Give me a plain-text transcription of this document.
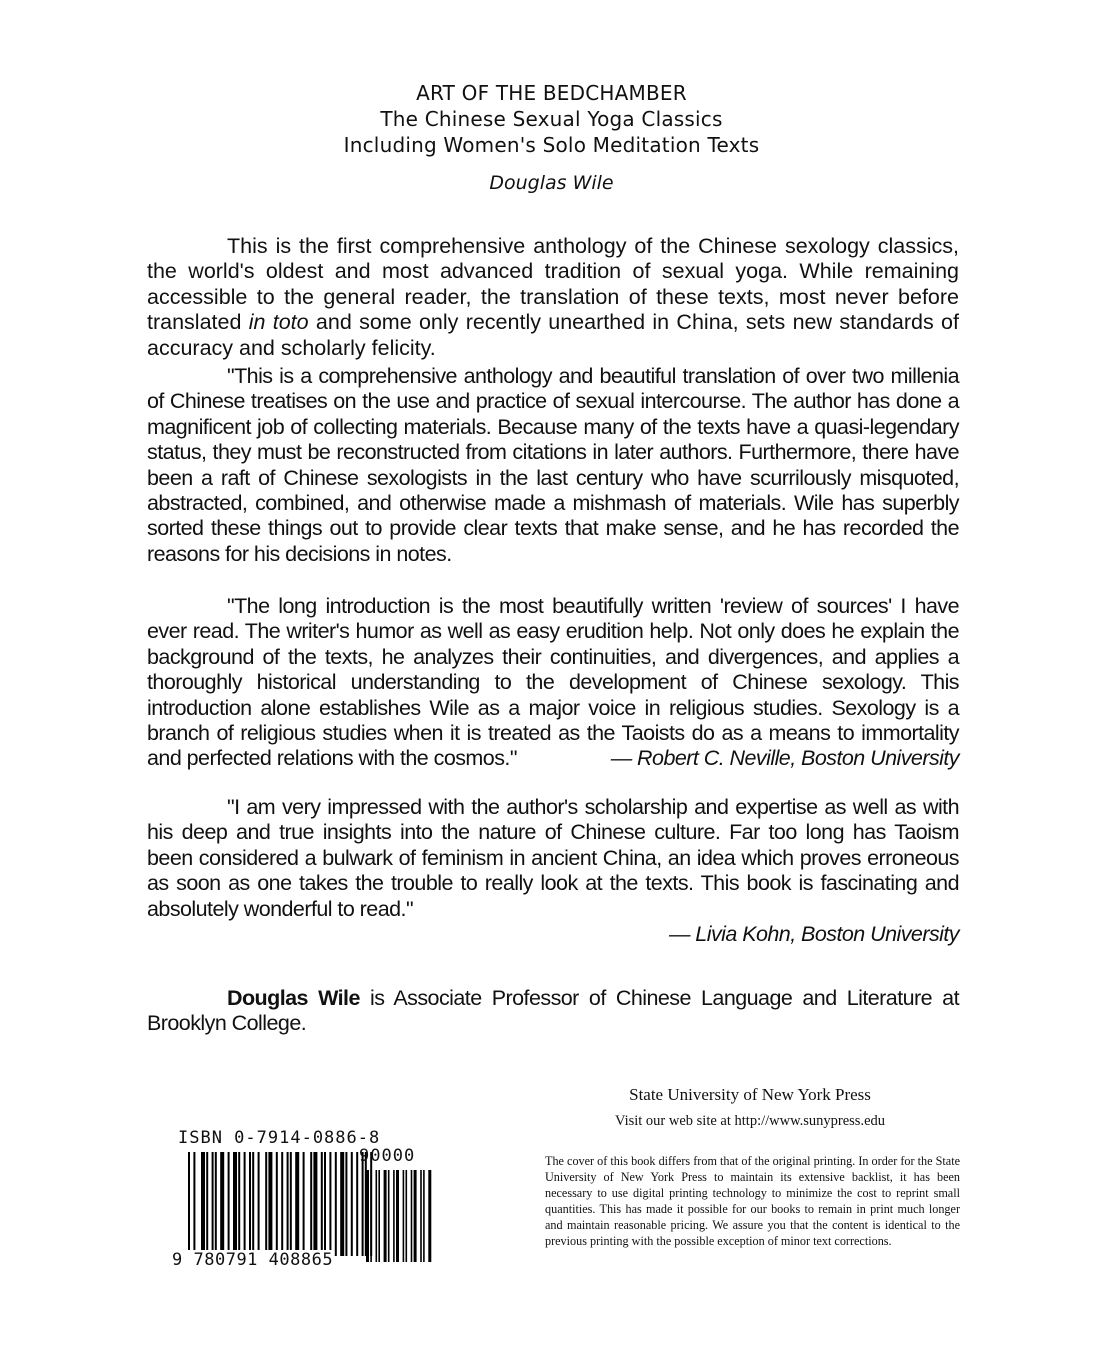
ART OF THE BEDCHAMBER
The Chinese Sexual Yoga Classics
Including Women's Solo Meditation Texts
Douglas Wile

This is the first comprehensive anthology of the Chinese sexology classics, the world's oldest and most advanced tradition of sexual yoga. While remaining accessible to the general reader, the translation of these texts, most never before translated in toto and some only recently unearthed in China, sets new standards of accuracy and scholarly felicity.

"This is a comprehensive anthology and beautiful translation of over two millenia of Chinese treatises on the use and practice of sexual intercourse. The author has done a magnificent job of collecting materials. Because many of the texts have a quasi-legendary status, they must be reconstructed from citations in later authors. Furthermore, there have been a raft of Chinese sexologists in the last century who have scurrilously misquoted, abstracted, combined, and otherwise made a mishmash of materials. Wile has superbly sorted these things out to provide clear texts that make sense, and he has recorded the reasons for his decisions in notes.

"The long introduction is the most beautifully written 'review of sources' I have ever read. The writer's humor as well as easy erudition help. Not only does he explain the background of the texts, he analyzes their continuities, and divergences, and applies a thoroughly historical understanding to the development of Chinese sexology. This introduction alone establishes Wile as a major voice in religious studies. Sexology is a branch of religious studies when it is treated as the Taoists do as a means to immortality and perfected relations with the cosmos."	— Robert C. Neville, Boston University

"I am very impressed with the author's scholarship and expertise as well as with his deep and true insights into the nature of Chinese culture. Far too long has Taoism been considered a bulwark of feminism in ancient China, an idea which proves erroneous as soon as one takes the trouble to really look at the texts. This book is fascinating and absolutely wonderful to read."

— Livia Kohn, Boston University

Douglas Wile is Associate Professor of Chinese Language and Literature at Brooklyn College.

State University of New York Press
Visit our web site at http://www.sunypress.edu
The cover of this book differs from that of the original printing. In order for the State University of New York Press to maintain its extensive backlist, it has been necessary to use digital printing technology to minimize the cost to reprint small quantities. This has made it possible for our books to remain in print much longer and maintain reasonable pricing. We assure you that the content is identical to the previous printing with the possible exception of minor text corrections.
ISBN 0-7914-0886-8
90000
9 780791 408865
